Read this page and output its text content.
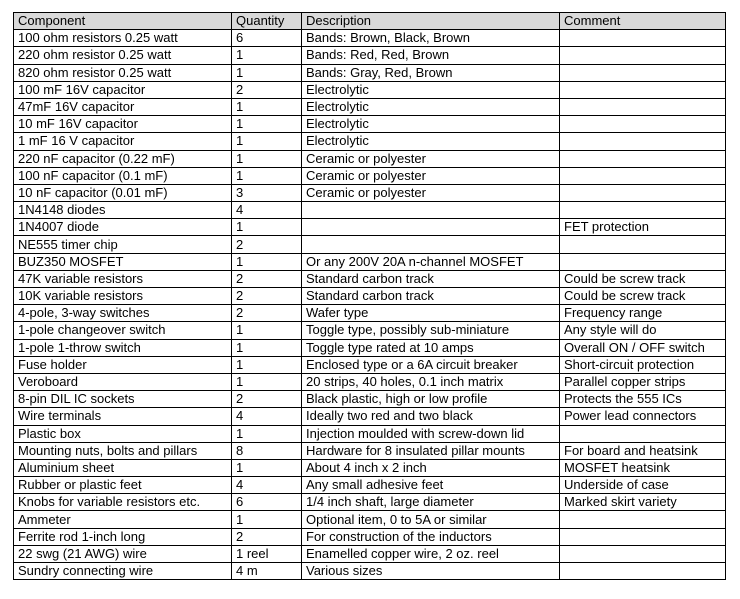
Component	Quantity	Description	Comment
100 ohm resistors 0.25 watt	6	Bands: Brown, Black, Brown	
220 ohm resistor 0.25 watt	1	Bands: Red, Red, Brown	
820 ohm resistor 0.25 watt	1	Bands: Gray, Red, Brown	
100 mF 16V capacitor	2	Electrolytic	
47mF 16V capacitor	1	Electrolytic	
10 mF 16V capacitor	1	Electrolytic	
1 mF 16 V capacitor	1	Electrolytic	
220 nF capacitor (0.22 mF)	1	Ceramic or polyester	
100 nF capacitor (0.1 mF)	1	Ceramic or polyester	
10 nF capacitor (0.01 mF)	3	Ceramic or polyester	
1N4148 diodes	4		
1N4007 diode	1		FET protection
NE555 timer chip	2		
BUZ350 MOSFET	1	Or any 200V 20A n-channel MOSFET	
47K variable resistors	2	Standard carbon track	Could be screw track
10K variable resistors	2	Standard carbon track	Could be screw track
4-pole, 3-way switches	2	Wafer type	Frequency range
1-pole changeover switch	1	Toggle type, possibly sub-miniature	Any style will do
1-pole 1-throw switch	1	Toggle type rated at 10 amps	Overall ON / OFF switch
Fuse holder	1	Enclosed type or a 6A circuit breaker	Short-circuit protection
Veroboard	1	20 strips, 40 holes, 0.1 inch matrix	Parallel copper strips
8-pin DIL IC sockets	2	Black plastic, high or low profile	Protects the 555 ICs
Wire terminals	4	Ideally two red and two black	Power lead connectors
Plastic box	1	Injection moulded with screw-down lid	
Mounting nuts, bolts and pillars	8	Hardware for 8 insulated pillar mounts	For board and heatsink
Aluminium sheet	1	About 4 inch x 2 inch	MOSFET heatsink
Rubber or plastic feet	4	Any small adhesive feet	Underside of case
Knobs for variable resistors etc.	6	1/4 inch shaft, large diameter	Marked skirt variety
Ammeter	1	Optional item, 0 to 5A or similar	
Ferrite rod 1-inch long	2	For construction of the inductors	
22 swg (21 AWG) wire	1 reel	Enamelled copper wire, 2 oz. reel	
Sundry connecting wire	4 m	Various sizes	
